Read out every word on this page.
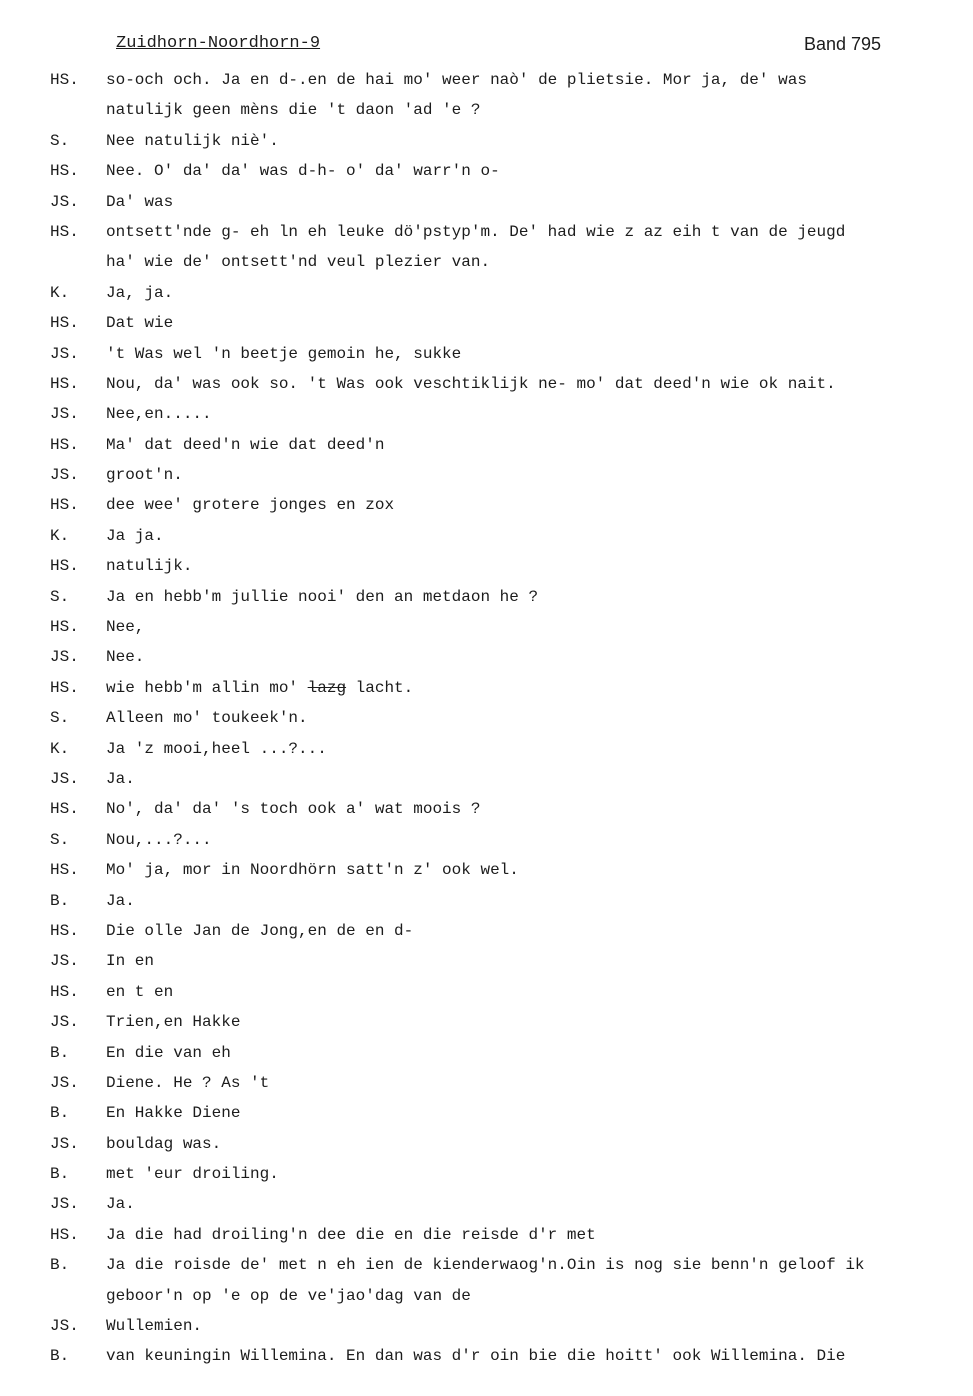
Zuidhorn-Noordhorn-9	Band 795
HS.	so-och och. Ja en d-.en de hai mo' weer naò' de plietsie. Mor ja, de' was
natulijk geen mèns die 't daon 'ad 'e ?
S.	Nee natulijk niè'.
HS.	Nee. O' da' da' was d-h- o' da' warr'n o-
JS.	Da' was
HS.	ontsett'nde g- eh ln eh leuke dö'pstyp'm. De' had wie z az eih t van de jeugd
ha' wie de' ontsett'nd veul plezier van.
K.	Ja, ja.
HS.	Dat wie
JS.	't Was wel 'n beetje gemoin he, sukke
HS.	Nou, da' was ook so. 't Was ook veschtiklijk ne- mo' dat deed'n wie ok nait.
JS.	Nee,en.....
HS.	Ma' dat deed'n wie dat deed'n
JS.	groot'n.
HS.	dee wee' grotere jonges en zox
K.	Ja ja.
HS.	natulijk.
S.	Ja en hebb'm jullie nooi' den an metdaon he ?
HS.	Nee,
JS.	Nee.
HS.	wie hebb'm allin mo' lazg lacht.
S.	Alleen mo' toukeek'n.
K.	Ja 'z mooi,heel ...?...
JS.	Ja.
HS.	No', da' da' 's toch ook a' wat moois ?
S.	Nou,...?...
HS.	Mo' ja, mor in Noordhörn satt'n z' ook wel.
B.	Ja.
HS.	Die olle Jan de Jong,en de en d-
JS.	In en
HS.	en t en
JS.	Trien,en Hakke
B.	En die van eh
JS.	Diene. He ? As 't
B.	En Hakke Diene
JS.	bouldag was.
B.	met 'eur droiling.
JS.	Ja.
HS.	Ja die had droiling'n dee die en die reisde d'r met
B.	Ja die roisde de' met n eh ien de kienderwaog'n.Oin is nog sie benn'n geloof ik
geboor'n op 'e op de ve'jao'dag van de
JS.	Wullemien.
B.	van keuningin Willemina. En dan was d'r oin bie die hoitt' ook Willemina. Die
